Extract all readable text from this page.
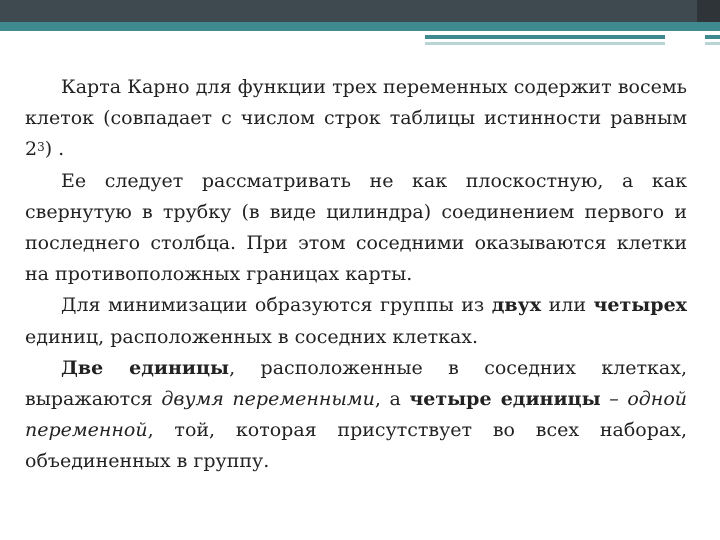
Карта Карно для функции трех переменных содержит восемь клеток (совпадает с числом строк таблицы истинности равным $2^3$) .

Ее следует рассматривать не как плоскостную, а как свернутую в трубку (в виде цилиндра) соединением первого и последнего столбца. При этом соседними оказываются клетки на противоположных границах карты.

Для минимизации образуются группы из двух или четырех единиц, расположенных в соседних клетках.

Две единицы, расположенные в соседних клетках, выражаются двумя переменными, а четыре единицы – одной переменной, той, которая присутствует во всех наборах, объединенных в группу.
